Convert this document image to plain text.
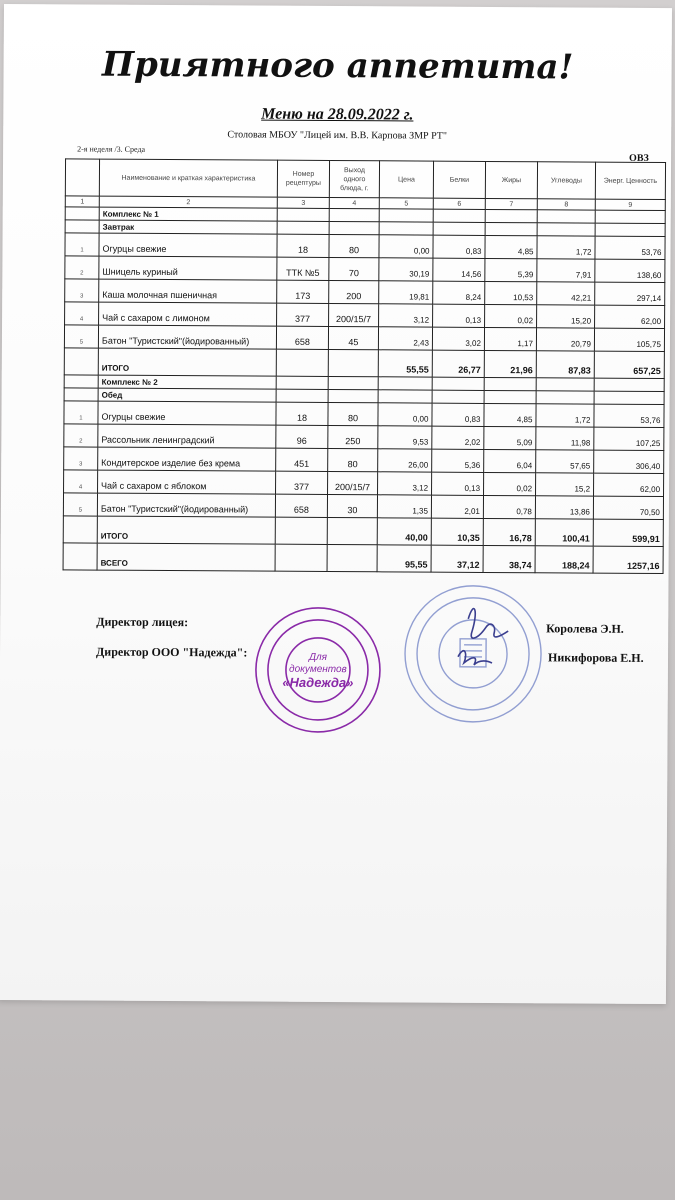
Приятного аппетита!
Меню на 28.09.2022 г.
Столовая МБОУ "Лицей им. В.В. Карпова ЗМР РТ"
2-я неделя /3. Среда
ОВЗ
	Наименование и краткая характеристика	Номер рецептуры	Выход одного блюда, г.	Цена	Белки	Жиры	Углеводы	Энерг. Ценность
1	2	3	4	5	6	7	8	9
	Комплекс № 1							
	Завтрак							
1	Огурцы свежие	18	80	0,00	0,83	4,85	1,72	53,76
2	Шницель куриный	ТТК №5	70	30,19	14,56	5,39	7,91	138,60
3	Каша молочная пшеничная	173	200	19,81	8,24	10,53	42,21	297,14
4	Чай с сахаром с лимоном	377	200/15/7	3,12	0,13	0,02	15,20	62,00
5	Батон "Туристский"(йодированный)	658	45	2,43	3,02	1,17	20,79	105,75
	ИТОГО			55,55	26,77	21,96	87,83	657,25
	Комплекс № 2							
	Обед							
1	Огурцы свежие	18	80	0,00	0,83	4,85	1,72	53,76
2	Рассольник ленинградский	96	250	9,53	2,02	5,09	11,98	107,25
3	Кондитерское изделие без крема	451	80	26,00	5,36	6,04	57,65	306,40
4	Чай с сахаром с яблоком	377	200/15/7	3,12	0,13	0,02	15,2	62,00
5	Батон "Туристский"(йодированный)	658	30	1,35	2,01	0,78	13,86	70,50
	ИТОГО			40,00	10,35	16,78	100,41	599,91
	ВСЕГО			95,55	37,12	38,74	188,24	1257,16
Директор лицея:
Директор ООО "Надежда":
Королева Э.Н.
Никифорова Е.Н.
Для
документов
«Надежда»
